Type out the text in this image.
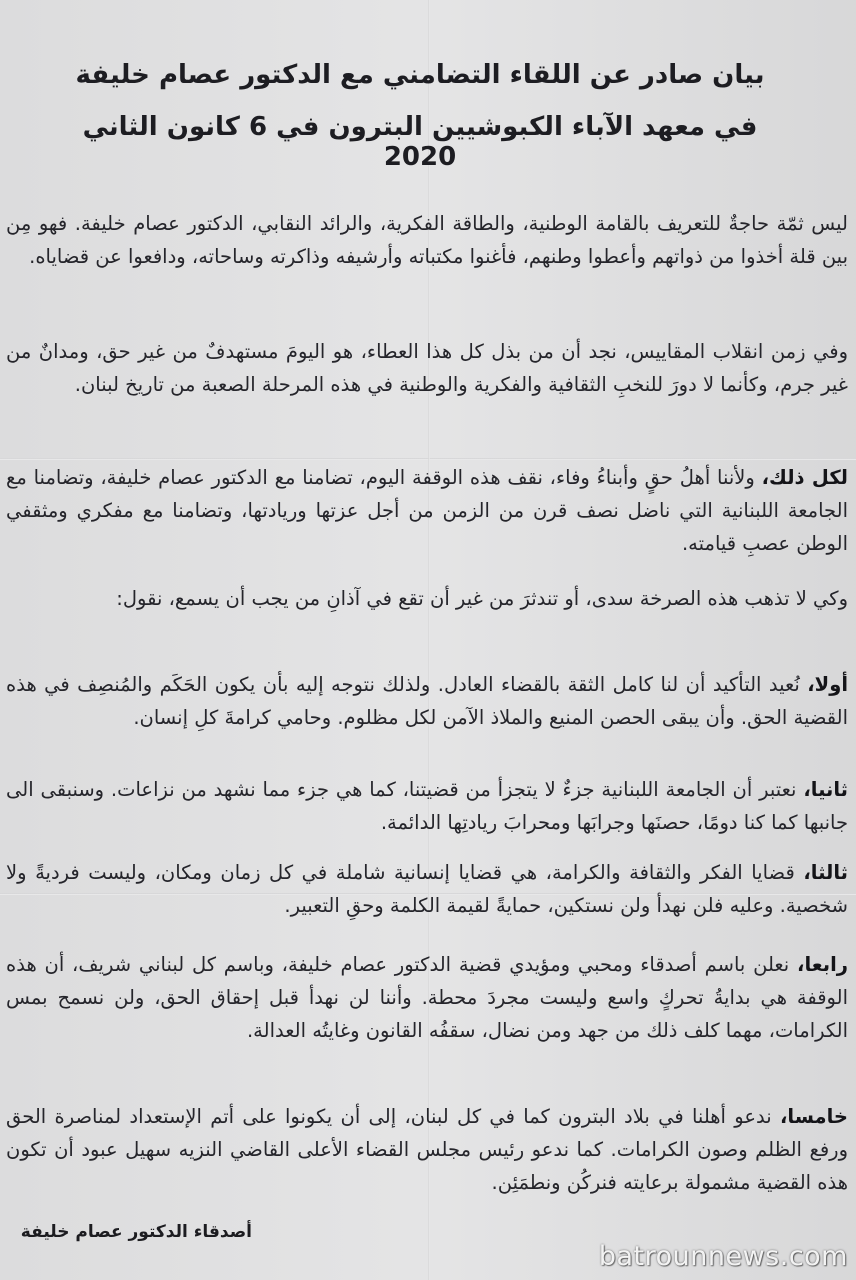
بيان صادر عن اللقاء التضامني مع الدكتور عصام خليفة
في معهد الآباء الكبوشيين البترون في 6 كانون الثاني 2020
ليس ثمّة حاجةٌ للتعريف بالقامة الوطنية، والطاقة الفكرية، والرائد النقابي، الدكتور عصام خليفة. فهو مِن بين قلة أخذوا من ذواتهم وأعطوا وطنهم، فأغنوا مكتباته وأرشيفه وذاكرته وساحاته، ودافعوا عن قضاياه.
وفي زمن انقلاب المقاييس، نجد أن من بذل كل هذا العطاء، هو اليومَ مستهدفٌ من غير حق، ومدانٌ من غير جرم، وكأنما لا دورَ للنخبِ الثقافية والفكرية والوطنية في هذه المرحلة الصعبة من تاريخ لبنان.
لكل ذلك، ولأننا أهلُ حقٍ وأبناءُ وفاء، نقف هذه الوقفة اليوم، تضامنا مع الدكتور عصام خليفة، وتضامنا مع الجامعة اللبنانية التي ناضل نصف قرن من الزمن من أجل عزتها وريادتها، وتضامنا مع مفكري ومثقفي الوطن عصبِ قيامته.
وكي لا تذهب هذه الصرخة سدى، أو تندثرَ من غير أن تقع في آذانِ من يجب أن يسمع، نقول:
أولا، نُعيد التأكيد أن لنا كامل الثقة بالقضاء العادل. ولذلك نتوجه إليه بأن يكون الحَكَم والمُنصِف في هذه القضية الحق. وأن يبقى الحصن المنيع والملاذ الآمن لكل مظلوم. وحامي كرامةَ كلِ إنسان.
ثانيا، نعتبر أن الجامعة اللبنانية جزءٌ لا يتجزأ من قضيتنا، كما هي جزء مما نشهد من نزاعات. وسنبقى الى جانبها كما كنا دومًا، حصنَها وجرابَها ومحرابَ ريادتِها الدائمة.
ثالثا، قضايا الفكر والثقافة والكرامة، هي قضايا إنسانية شاملة في كل زمان ومكان، وليست فرديةً ولا شخصية. وعليه فلن نهدأ ولن نستكين، حمايةً لقيمة الكلمة وحقِ التعبير.
رابعا، نعلن باسم أصدقاء ومحبي ومؤيدي قضية الدكتور عصام خليفة، وباسم كل لبناني شريف، أن هذه الوقفة هي بدايةُ تحركٍ واسع وليست مجردَ محطة. وأننا لن نهدأ قبل إحقاق الحق، ولن نسمح بمس الكرامات، مهما كلف ذلك من جهد ومن نضال، سقفُه القانون وغايتُه العدالة.
خامسا، ندعو أهلنا في بلاد البترون كما في كل لبنان، إلى أن يكونوا على أتم الإستعداد لمناصرة الحق ورفع الظلم وصون الكرامات. كما ندعو رئيس مجلس القضاء الأعلى القاضي النزيه سهيل عبود أن تكون هذه القضية مشمولة برعايته فنركُن ونطمَئِن.
أصدقاء الدكتور عصام خليفة
batrounnews.com
